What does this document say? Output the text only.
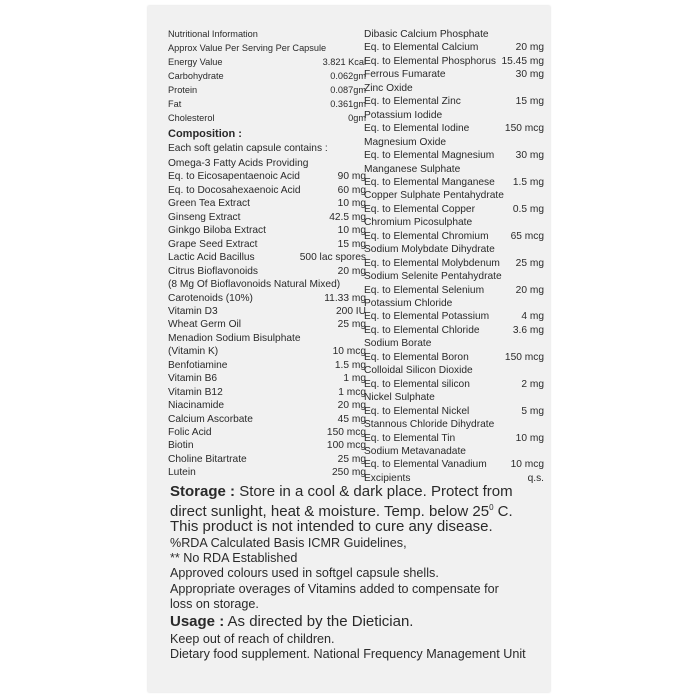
Nutritional Information
Approx Value Per Serving Per Capsule
Energy Value	3.821 Kcal
Carbohydrate	0.062gm
Protein	0.087gm
Fat	0.361gm
Cholesterol	0gm
Composition :
Each soft gelatin capsule contains :
Omega-3 Fatty Acids Providing
Eq. to Eicosapentaenoic Acid	90 mg
Eq. to Docosahexaenoic Acid	60 mg
Green Tea Extract	10 mg
Ginseng Extract	42.5 mg
Ginkgo Biloba Extract	10 mg
Grape Seed Extract	15 mg
Lactic Acid Bacillus	500 lac spores
Citrus Bioflavonoids	20 mg
(8 Mg Of Bioflavonoids Natural Mixed)
Carotenoids (10%)	11.33 mg
Vitamin D3	200 IU
Wheat Germ Oil	25 mg
Menadion Sodium Bisulphate
(Vitamin K)	10 mcg
Benfotiamine	1.5 mg
Vitamin B6	1 mg
Vitamin B12	1 mcg
Niacinamide	20 mg
Calcium Ascorbate	45 mg
Folic Acid	150 mcg
Biotin	100 mcg
Choline Bitartrate	25 mg
Lutein	250 mg
Dibasic Calcium Phosphate
Eq. to Elemental Calcium	20 mg
Eq. to Elemental Phosphorus 15.45 mg
Ferrous Fumarate	30 mg
Zinc Oxide
Eq. to Elemental Zinc	15 mg
Potassium Iodide
Eq. to Elemental Iodine	150 mcg
Magnesium Oxide
Eq. to Elemental Magnesium 30 mg
Manganese Sulphate
Eq. to Elemental Manganese 1.5 mg
Copper Sulphate Pentahydrate
Eq. to Elemental Copper	0.5 mg
Chromium Picosulphate
Eq. to Elemental Chromium 65 mcg
Sodium Molybdate Dihydrate
Eq. to Elemental Molybdenum 25 mg
Sodium Selenite Pentahydrate
Eq. to Elemental Selenium	20 mg
Potassium Chloride
Eq. to Elemental Potassium	4 mg
Eq. to Elemental Chloride	3.6 mg
Sodium Borate
Eq. to Elemental Boron	150 mcg
Colloidal Silicon Dioxide
Eq. to Elemental silicon	2 mg
Nickel Sulphate
Eq. to Elemental Nickel	5 mg
Stannous Chloride Dihydrate
Eq. to Elemental Tin	10 mg
Sodium Metavanadate
Eq. to Elemental Vanadium 10 mcg
Excipients	q.s.
Storage : Store in a cool & dark place. Protect from
direct sunlight, heat & moisture. Temp. below $25^0$ C.
This product is not intended to cure any disease.
%RDA Calculated Basis ICMR Guidelines,
** No RDA Established
Approved colours used in softgel capsule shells.
Appropriate overages of Vitamins added to compensate for
loss on storage.
Usage : As directed by the Dietician.
Keep out of reach of children.
Dietary food supplement. National Frequency Management Unit
